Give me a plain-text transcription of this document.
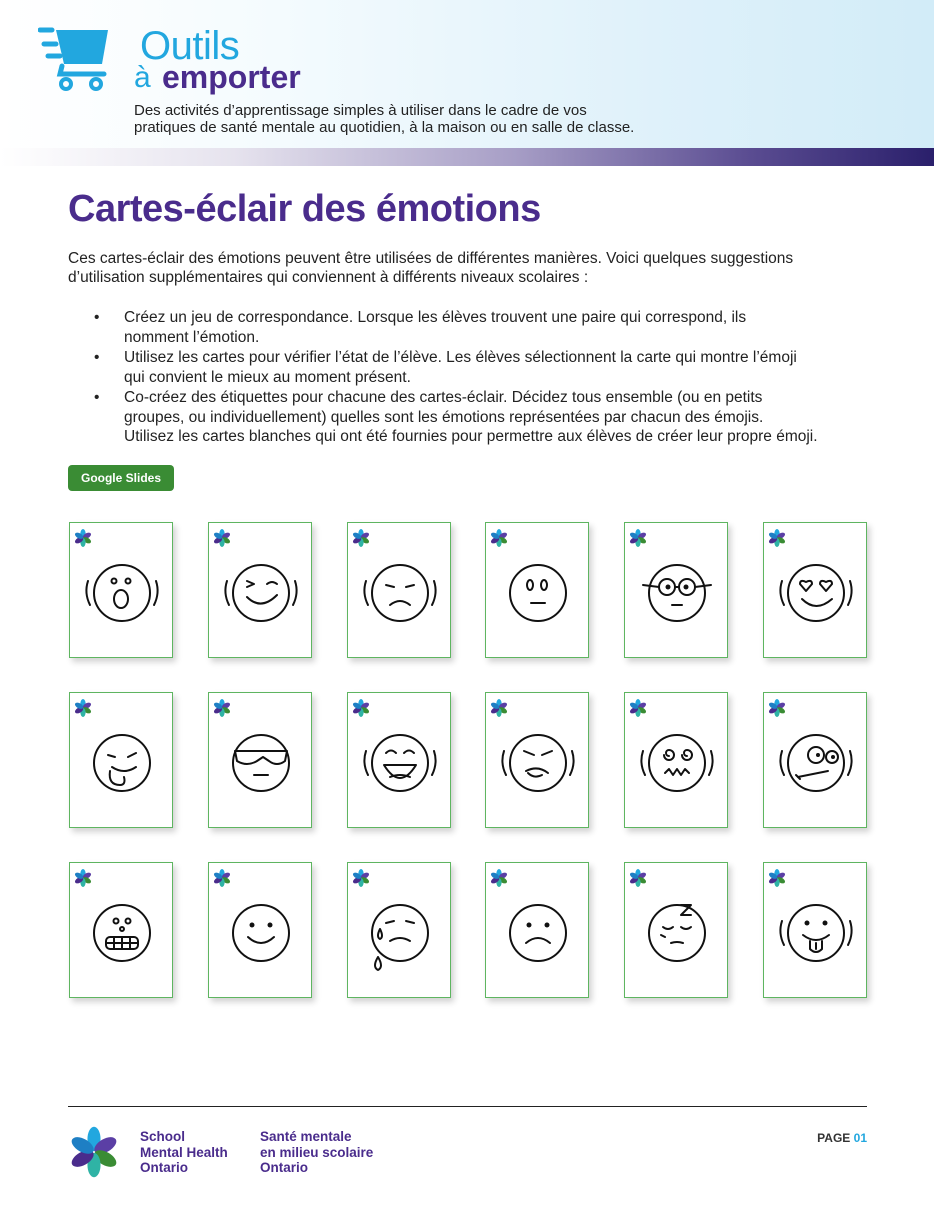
Outils
à emporter
Des activités d’apprentissage simples à utiliser dans le cadre de vos
pratiques de santé mentale au quotidien, à la maison ou en salle de classe.
Cartes-éclair des émotions

Ces cartes-éclair des émotions peuvent être utilisées de différentes manières. Voici quelques suggestions
d’utilisation supplémentaires qui conviennent à différents niveaux scolaires :

• Créez un jeu de correspondance. Lorsque les élèves trouvent une paire qui correspond, ils
nomment l’émotion.
• Utilisez les cartes pour vérifier l’état de l’élève. Les élèves sélectionnent la carte qui montre l’émoji
qui convient le mieux au moment présent.
• Co-créez des étiquettes pour chacune des cartes-éclair. Décidez tous ensemble (ou en petits
groupes, ou individuellement) quelles sont les émotions représentées par chacun des émojis.
Utilisez les cartes blanches qui ont été fournies pour permettre aux élèves de créer leur propre émoji.
Google Slides
School
Mental Health
Ontario
Santé mentale
en milieu scolaire
Ontario
PAGE 01
